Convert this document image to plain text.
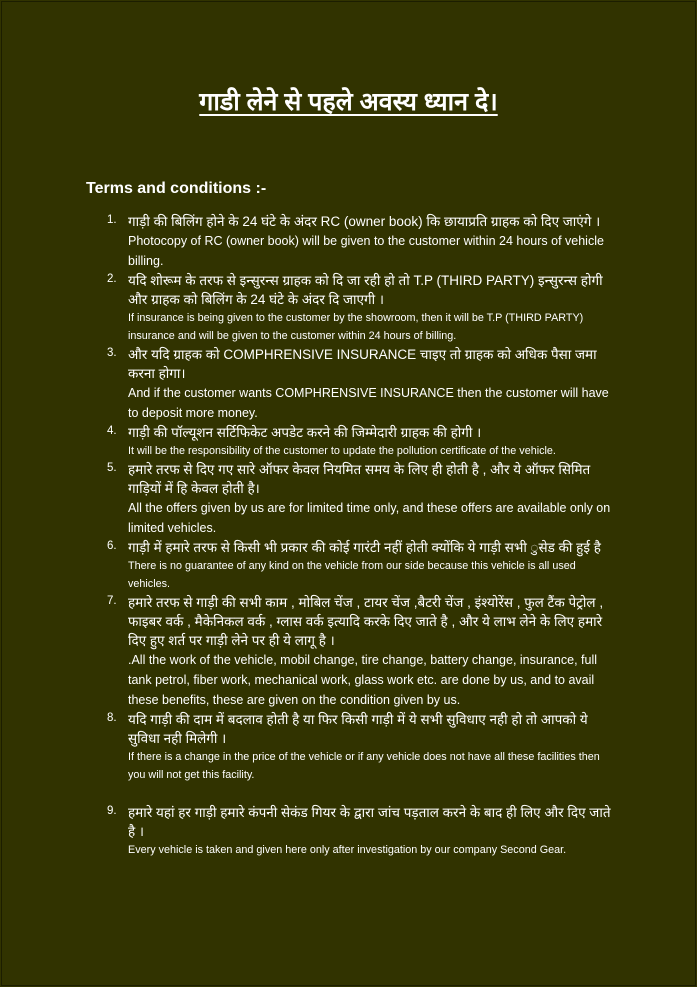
गाडी लेने से पहले अवस्य ध्यान दे।

Terms and conditions :-

1. गाड़ी की बिलिंग होने के 24 घंटे के अंदर RC (owner book) कि छायाप्रति ग्राहक को दिए जाएंगे ।
Photocopy of RC (owner book) will be given to the customer within 24 hours of vehicle billing.
2. यदि शोरूम के तरफ से इन्सुरन्स ग्राहक को दि जा रही हो तो T.P (THIRD PARTY) इन्सुरन्स होगी और ग्राहक को बिलिंग के 24 घंटे के अंदर दि जाएगी ।
If insurance is being given to the customer by the showroom, then it will be T.P (THIRD PARTY) insurance and will be given to the customer within 24 hours of billing.
3. और यदि ग्राहक को COMPHRENSIVE INSURANCE चाइए तो ग्राहक को अधिक पैसा जमा करना होगा।
And if the customer wants COMPHRENSIVE INSURANCE then the customer will have to deposit more money.
4. गाड़ी की पॉल्यूशन सर्टिफिकेट अपडेट करने की जिम्मेदारी ग्राहक की होगी ।
It will be the responsibility of the customer to update the pollution certificate of the vehicle.
5. हमारे तरफ से दिए गए सारे ऑफर केवल नियमित समय के लिए ही होती है , और ये ऑफर सिमित गाड़ियों में हि केवल होती है।
All the offers given by us are for limited time only, and these offers are available only on limited vehicles.
6. गाड़ी में हमारे तरफ से किसी भी प्रकार की कोई गारंटी नहीं होती क्योंकि ये गाड़ी सभी ुसेड की हुई है
There is no guarantee of any kind on the vehicle from our side because this vehicle is all used vehicles.
7. हमारे तरफ से गाड़ी की सभी काम , मोबिल चेंज , टायर चेंज ,बैटरी चेंज , इंश्योरेंस , फुल टैंक पेट्रोल , फाइबर वर्क , मैकेनिकल वर्क , ग्लास वर्क इत्यादि करके दिए जाते है , और ये लाभ लेने के लिए हमारे दिए हुए शर्त पर गाड़ी लेने पर ही ये लागू है ।
.All the work of the vehicle, mobil change, tire change, battery change, insurance, full tank petrol, fiber work, mechanical work, glass work etc. are done by us, and to avail these benefits, these are given on the condition given by us.
8. यदि गाड़ी की दाम में बदलाव होती है या फिर किसी गाड़ी में ये सभी सुविधाए नही हो तो आपको ये सुविधा नही मिलेगी ।
If there is a change in the price of the vehicle or if any vehicle does not have all these facilities then you will not get this facility.
9. हमारे यहां हर गाड़ी हमारे कंपनी सेकंड गियर के द्वारा जांच पड़ताल करने के बाद ही लिए और दिए जाते है ।
Every vehicle is taken and given here only after investigation by our company Second Gear.
